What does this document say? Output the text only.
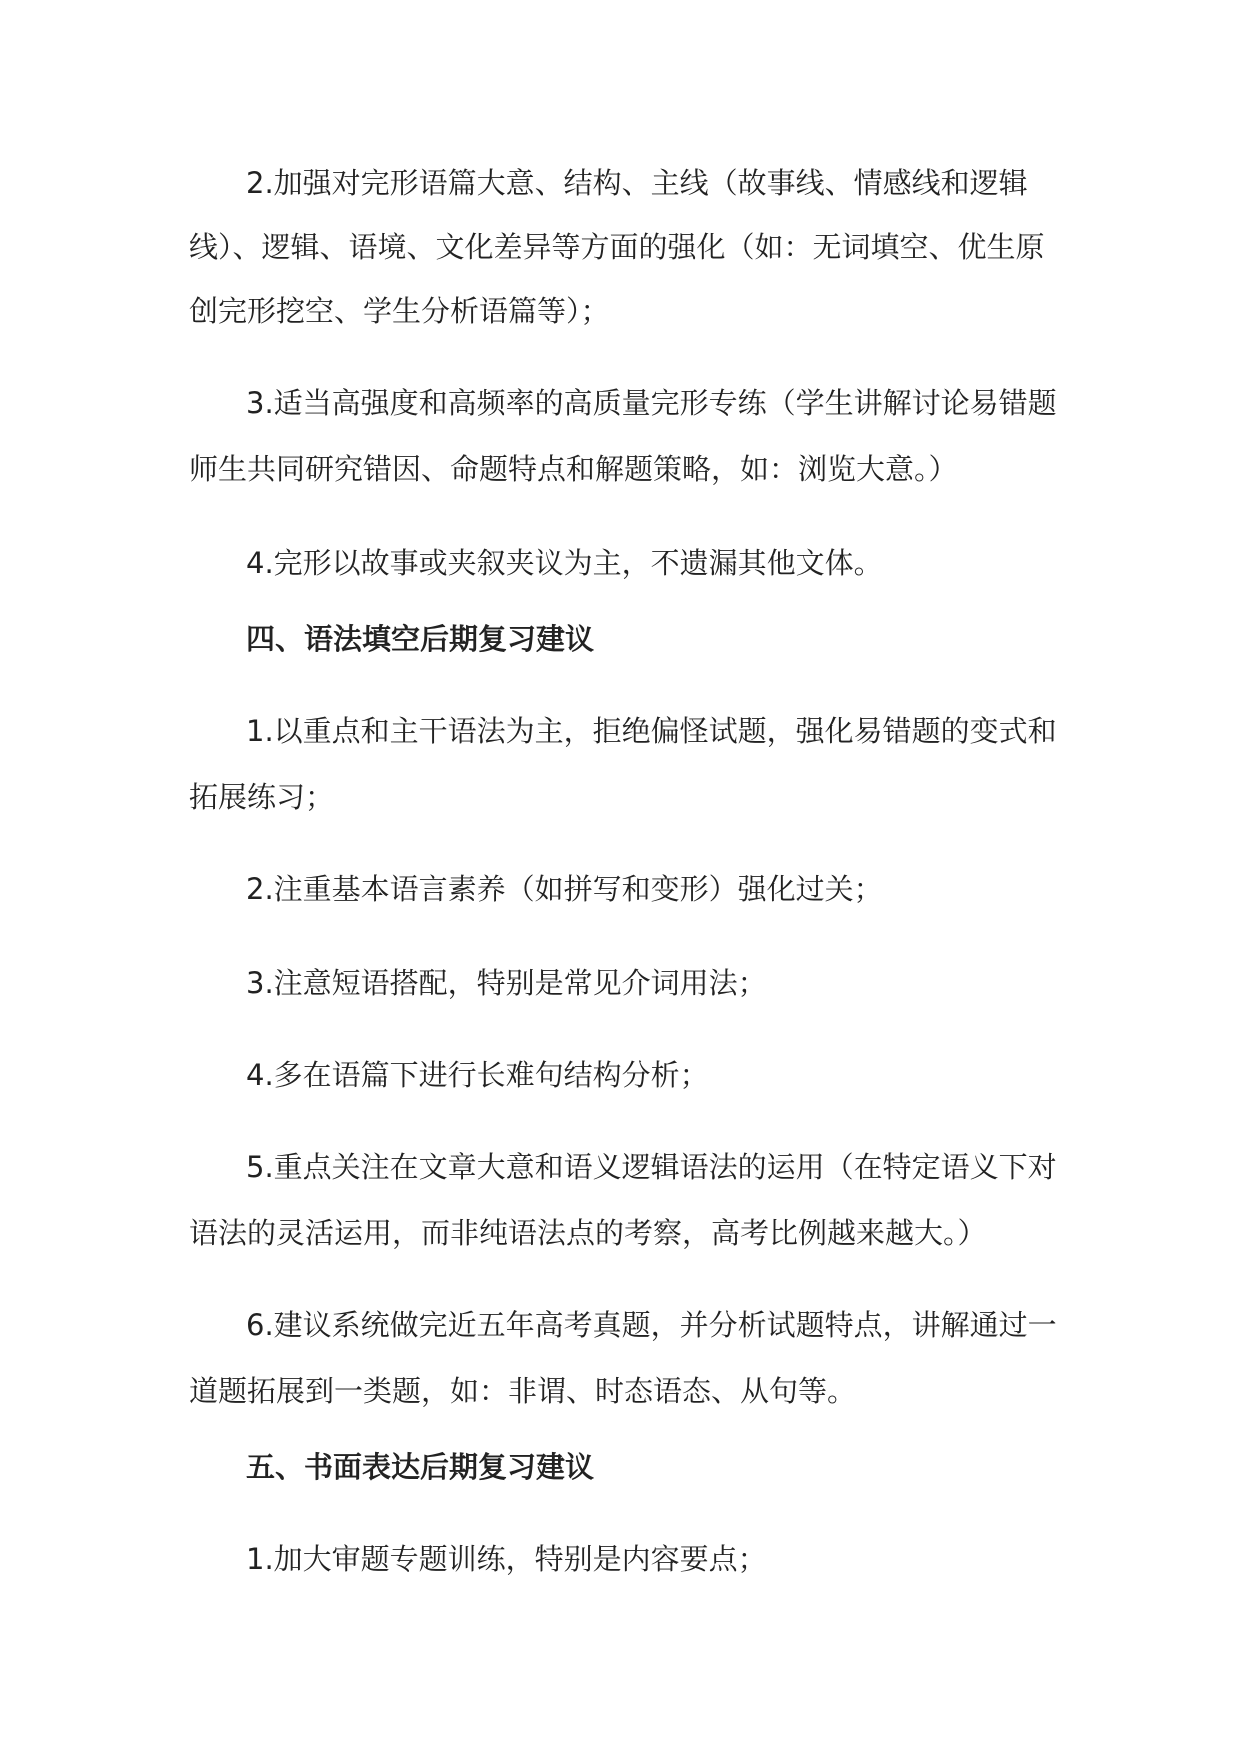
2.加强对完形语篇大意、结构、主线（故事线、情感线和逻辑
线）、逻辑、语境、文化差异等方面的强化（如：无词填空、优生原
创完形挖空、学生分析语篇等）；
3.适当高强度和高频率的高质量完形专练（学生讲解讨论易错题
师生共同研究错因、命题特点和解题策略，如：浏览大意。）
4.完形以故事或夹叙夹议为主，不遗漏其他文体。
四、语法填空后期复习建议
1.以重点和主干语法为主，拒绝偏怪试题，强化易错题的变式和
拓展练习；
2.注重基本语言素养（如拼写和变形）强化过关；
3.注意短语搭配，特别是常见介词用法；
4.多在语篇下进行长难句结构分析；
5.重点关注在文章大意和语义逻辑语法的运用（在特定语义下对
语法的灵活运用，而非纯语法点的考察，高考比例越来越大。）
6.建议系统做完近五年高考真题，并分析试题特点，讲解通过一
道题拓展到一类题，如：非谓、时态语态、从句等。
五、书面表达后期复习建议
1.加大审题专题训练，特别是内容要点；
